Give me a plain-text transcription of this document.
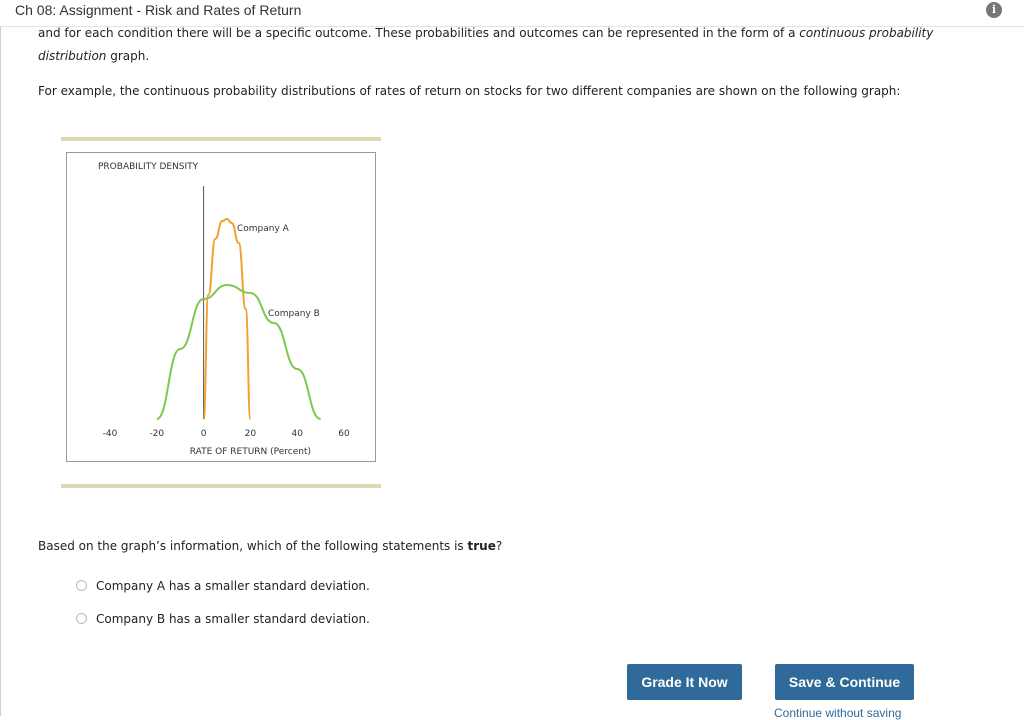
Ch 08: Assignment - Risk and Rates of Return	i
and for each condition there will be a specific outcome. These probabilities and outcomes can be represented in the form of a continuous probability
distribution graph.
For example, the continuous probability distributions of rates of return on stocks for two different companies are shown on the following graph:
PROBABILITY DENSITY
-40	-20	0	20	40	60
RATE OF RETURN (Percent)
Company A
Company B
Based on the graph’s information, which of the following statements is true?
Company A has a smaller standard deviation.
Company B has a smaller standard deviation.
Grade It Now	Save & Continue
Continue without saving
